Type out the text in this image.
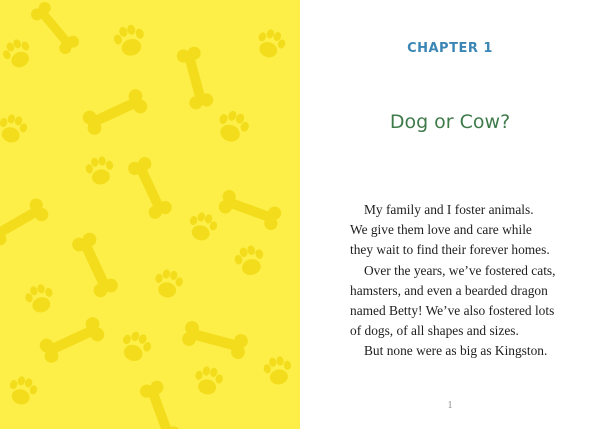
CHAPTER 1
Dog or Cow?

My family and I foster animals.

We give them love and care while
they wait to find their forever homes.

Over the years, we’ve fostered cats,

hamsters, and even a bearded dragon
named Betty! We’ve also fostered lots
of dogs, of all shapes and sizes.

But none were as big as Kingston.

1
